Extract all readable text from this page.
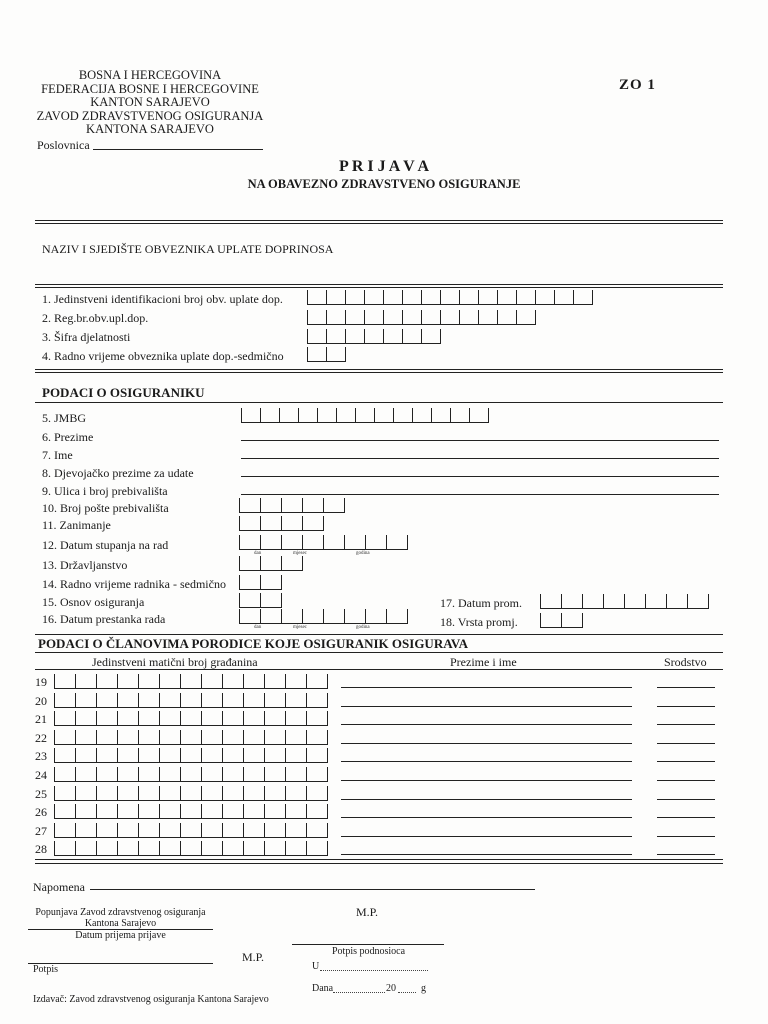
BOSNA I HERCEGOVINA
FEDERACIJA BOSNE I HERCEGOVINE
KANTON SARAJEVO
ZAVOD ZDRAVSTVENOG OSIGURANJA
KANTONA SARAJEVO
Poslovnica
ZO 1
P R I J A V A
NA OBAVEZNO ZDRAVSTVENO OSIGURANJE
NAZIV I SJEDIŠTE OBVEZNIKA UPLATE DOPRINOSA
1. Jedinstveni identifikacioni broj obv. uplate dop.
2. Reg.br.obv.upl.dop.
3. Šifra djelatnosti
4. Radno vrijeme obveznika uplate dop.-sedmično
PODACI O OSIGURANIKU
5. JMBG
6. Prezime
7. Ime
8. Djevojačko prezime za udate
9. Ulica i broj prebivališta
10. Broj pošte prebivališta
11. Zanimanje
12. Datum stupanja na rad
dan	mjesec	godina
13. Državljanstvo
14. Radno vrijeme radnika - sedmično
15. Osnov osiguranja
16. Datum prestanka rada
dan	mjesec	godina
17. Datum prom.
18. Vrsta promj.
PODACI O ČLANOVIMA PORODICE KOJE OSIGURANIK OSIGURAVA
Jedinstveni matični broj građanina	Prezime i ime	Srodstvo
19
20
21
22
23
24
25
26
27
28
Napomena
Popunjava Zavod zdravstvenog osiguranja
Kantona Sarajevo
Datum prijema prijave
M.P.
M.P.
Potpis
Potpis podnosioca
U
Dana	20	g
Izdavač: Zavod zdravstvenog osiguranja Kantona Sarajevo
